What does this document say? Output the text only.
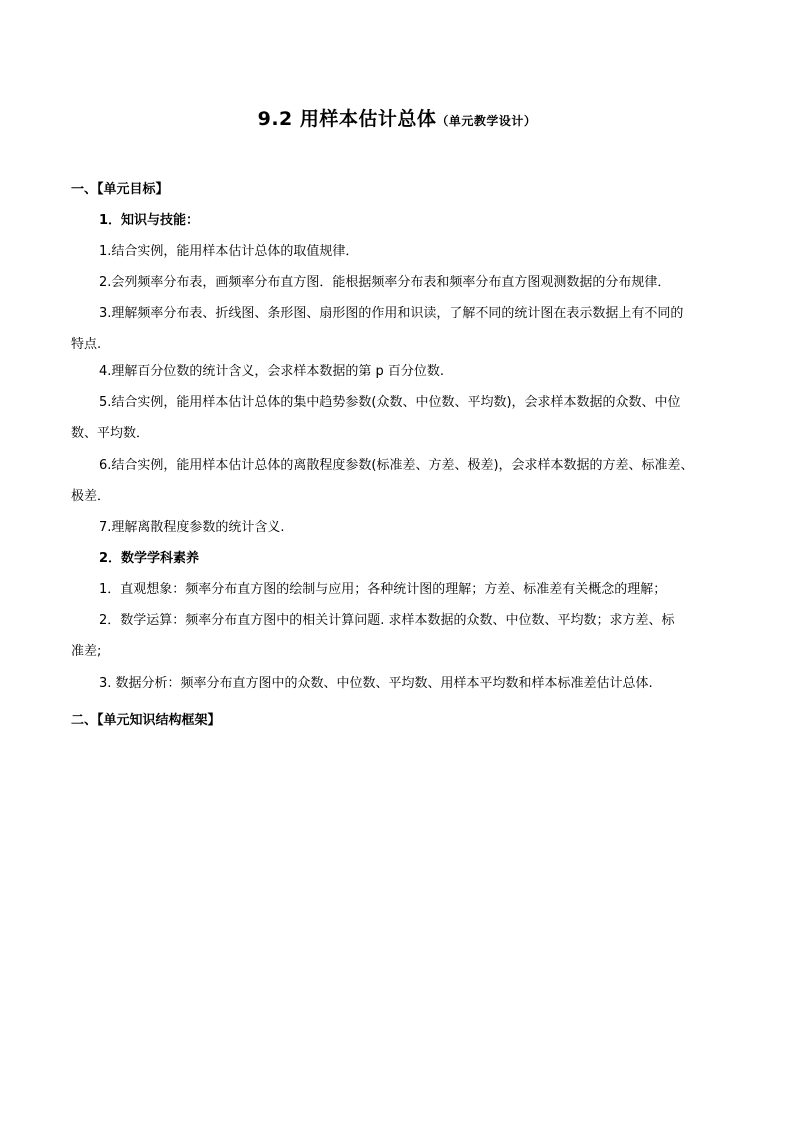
9.2 用样本估计总体（单元教学设计）
一、【单元目标】
1．知识与技能：
1.结合实例，能用样本估计总体的取值规律．
2.会列频率分布表，画频率分布直方图．能根据频率分布表和频率分布直方图观测数据的分布规律．
3.理解频率分布表、折线图、条形图、扇形图的作用和识读，了解不同的统计图在表示数据上有不同的
特点.
4.理解百分位数的统计含义，会求样本数据的第 p 百分位数.
5.结合实例，能用样本估计总体的集中趋势参数(众数、中位数、平均数)，会求样本数据的众数、中位
数、平均数．
6.结合实例，能用样本估计总体的离散程度参数(标准差、方差、极差)，会求样本数据的方差、标准差、
极差．
7.理解离散程度参数的统计含义.
2．数学学科素养
1．直观想象：频率分布直方图的绘制与应用；各种统计图的理解；方差、标准差有关概念的理解；
2．数学运算：频率分布直方图中的相关计算问题. 求样本数据的众数、中位数、平均数；求方差、标
准差;
3. 数据分析：频率分布直方图中的众数、中位数、平均数、用样本平均数和样本标准差估计总体.
二、【单元知识结构框架】
